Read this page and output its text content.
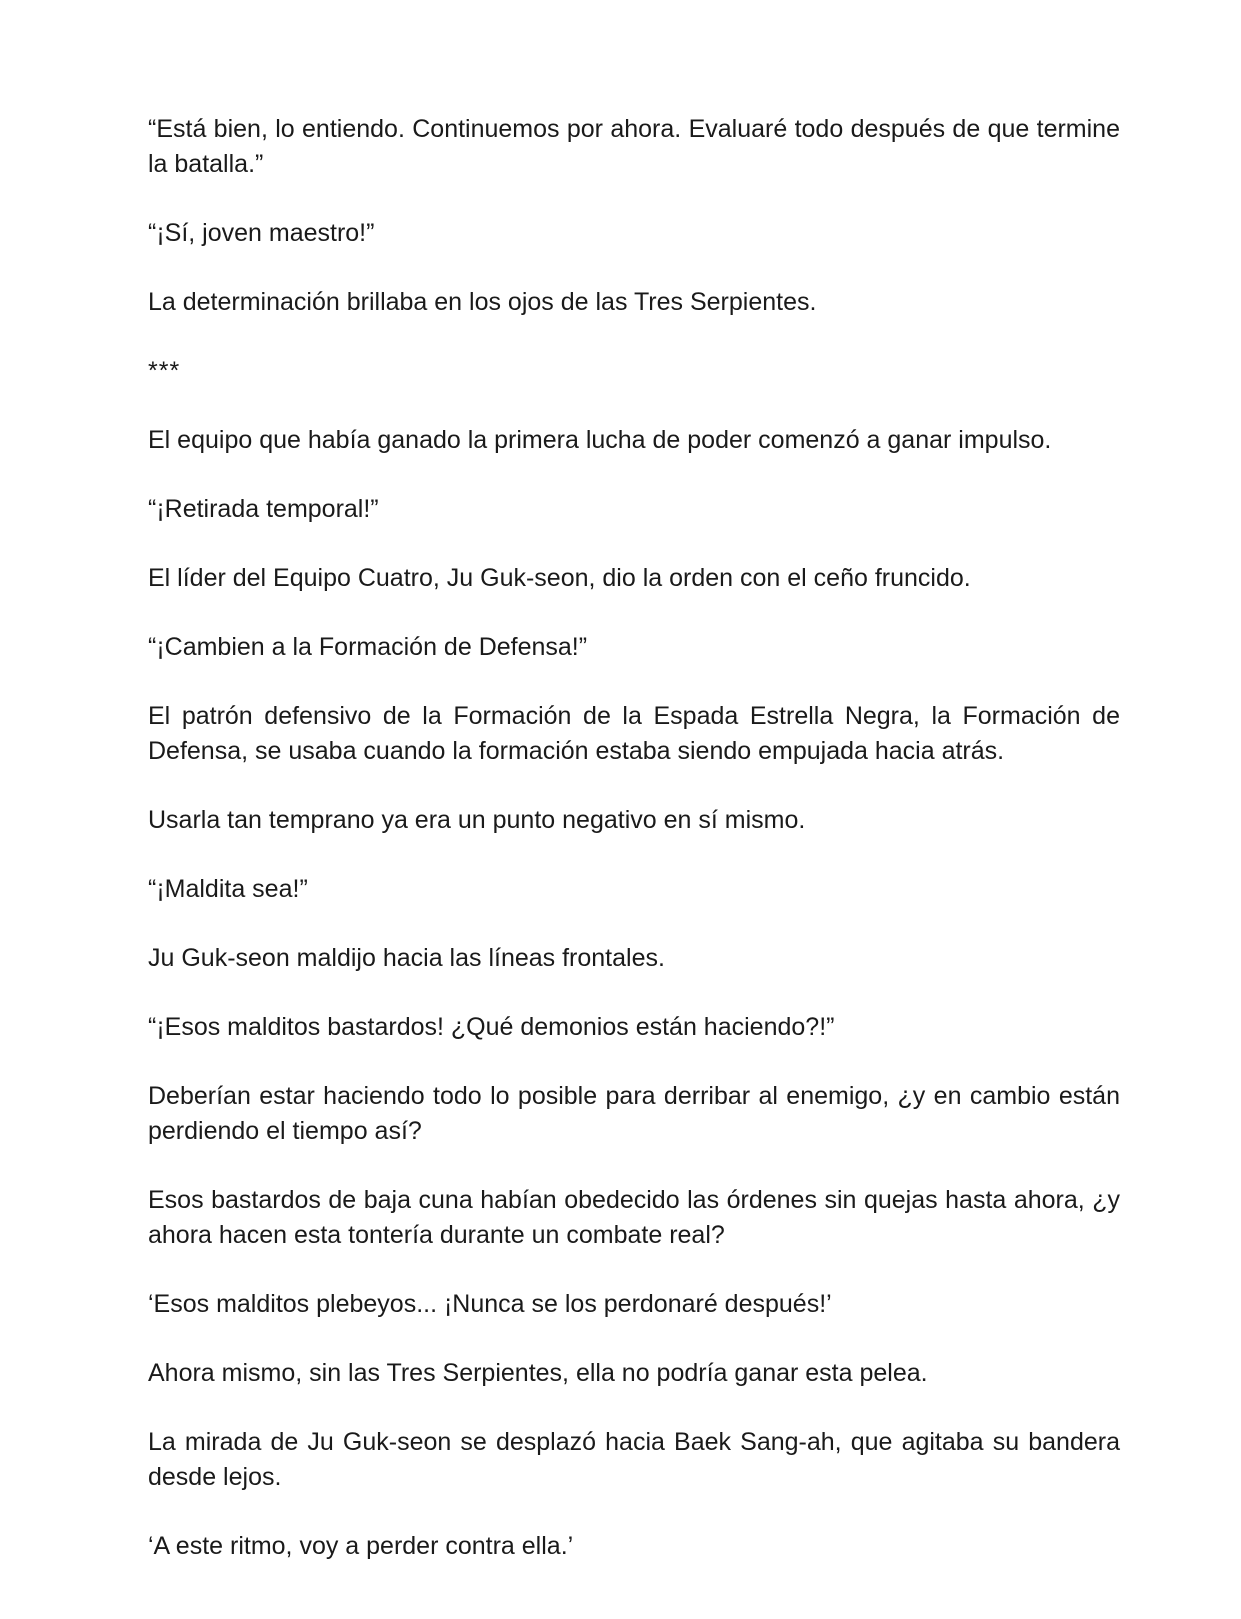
“Está bien, lo entiendo. Continuemos por ahora. Evaluaré todo después de que termine la batalla.”

“¡Sí, joven maestro!”

La determinación brillaba en los ojos de las Tres Serpientes.

***

El equipo que había ganado la primera lucha de poder comenzó a ganar impulso.

“¡Retirada temporal!”

El líder del Equipo Cuatro, Ju Guk-seon, dio la orden con el ceño fruncido.

“¡Cambien a la Formación de Defensa!”

El patrón defensivo de la Formación de la Espada Estrella Negra, la Formación de Defensa, se usaba cuando la formación estaba siendo empujada hacia atrás.

Usarla tan temprano ya era un punto negativo en sí mismo.

“¡Maldita sea!”

Ju Guk-seon maldijo hacia las líneas frontales.

“¡Esos malditos bastardos! ¿Qué demonios están haciendo?!”

Deberían estar haciendo todo lo posible para derribar al enemigo, ¿y en cambio están perdiendo el tiempo así?

Esos bastardos de baja cuna habían obedecido las órdenes sin quejas hasta ahora, ¿y ahora hacen esta tontería durante un combate real?

‘Esos malditos plebeyos... ¡Nunca se los perdonaré después!’

Ahora mismo, sin las Tres Serpientes, ella no podría ganar esta pelea.

La mirada de Ju Guk-seon se desplazó hacia Baek Sang-ah, que agitaba su bandera desde lejos.

‘A este ritmo, voy a perder contra ella.’
